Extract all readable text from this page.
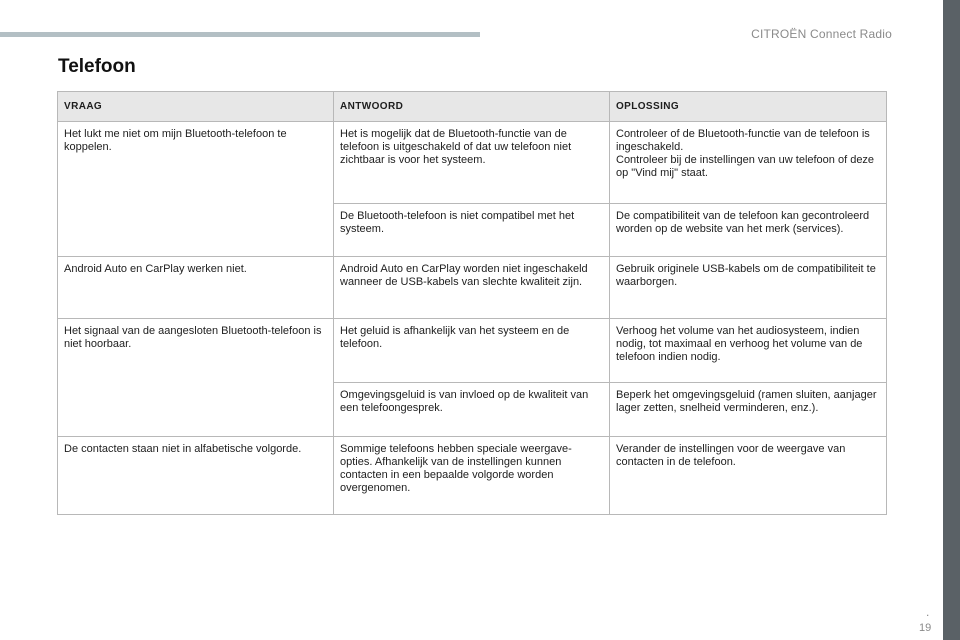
CITROËN Connect Radio
Telefoon
VRAAG	ANTWOORD	OPLOSSING
Het lukt me niet om mijn Bluetooth-telefoon te koppelen.	Het is mogelijk dat de Bluetooth-functie van de telefoon is uitgeschakeld of dat uw telefoon niet zichtbaar is voor het systeem.	Controleer of de Bluetooth-functie van de telefoon is ingeschakeld.
Controleer bij de instellingen van uw telefoon of deze op "Vind mij" staat.

	De Bluetooth-telefoon is niet compatibel met het systeem.	De compatibiliteit van de telefoon kan gecontroleerd worden op de website van het merk (services).

Android Auto en CarPlay werken niet.	Android Auto en CarPlay worden niet ingeschakeld wanneer de USB-kabels van slechte kwaliteit zijn.	Gebruik originele USB-kabels om de compatibiliteit te waarborgen.

Het signaal van de aangesloten Bluetooth-telefoon is niet hoorbaar.	Het geluid is afhankelijk van het systeem en de telefoon.	Verhoog het volume van het audiosysteem, indien nodig, tot maximaal en verhoog het volume van de telefoon indien nodig.

	Omgevingsgeluid is van invloed op de kwaliteit van een telefoongesprek.	Beperk het omgevingsgeluid (ramen sluiten, aanjager lager zetten, snelheid verminderen, enz.).

De contacten staan niet in alfabetische volgorde.	Sommige telefoons hebben speciale weergave-opties. Afhankelijk van de instellingen kunnen contacten in een bepaalde volgorde worden overgenomen.	Verander de instellingen voor de weergave van contacten in de telefoon.
.
19
